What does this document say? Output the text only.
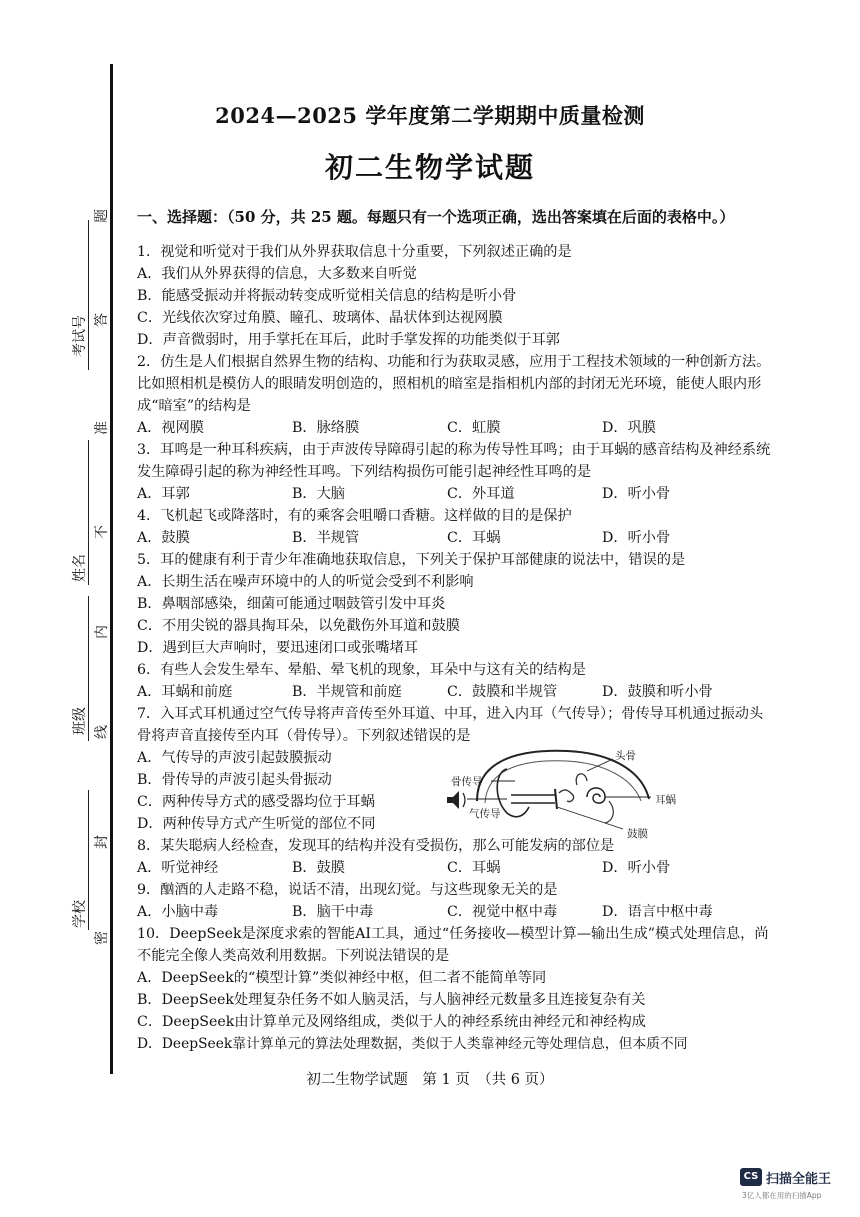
考试号
姓名
班级
学校
题
答
准
不
内
线
封
密
2024—2025 学年度第二学期期中质量检测
初二生物学试题
一、选择题：（50 分，共 25 题。每题只有一个选项正确，选出答案填在后面的表格中。）
1．视觉和听觉对于我们从外界获取信息十分重要，下列叙述正确的是
A．我们从外界获得的信息，大多数来自听觉
B．能感受振动并将振动转变成听觉相关信息的结构是听小骨
C．光线依次穿过角膜、瞳孔、玻璃体、晶状体到达视网膜
D．声音微弱时，用手掌托在耳后，此时手掌发挥的功能类似于耳郭
2．仿生是人们根据自然界生物的结构、功能和行为获取灵感，应用于工程技术领域的一种创新方法。比如照相机是模仿人的眼睛发明创造的，照相机的暗室是指相机内部的封闭无光环境，能使人眼内形成“暗室”的结构是
A．视网膜	B．脉络膜	C．虹膜	D．巩膜
3．耳鸣是一种耳科疾病，由于声波传导障碍引起的称为传导性耳鸣；由于耳蜗的感音结构及神经系统发生障碍引起的称为神经性耳鸣。下列结构损伤可能引起神经性耳鸣的是
A．耳郭	B．大脑	C．外耳道	D．听小骨
4．飞机起飞或降落时，有的乘客会咀嚼口香糖。这样做的目的是保护
A．鼓膜	B．半规管	C．耳蜗	D．听小骨
5．耳的健康有利于青少年准确地获取信息，下列关于保护耳部健康的说法中，错误的是
A．长期生活在噪声环境中的人的听觉会受到不利影响
B．鼻咽部感染，细菌可能通过咽鼓管引发中耳炎
C．不用尖锐的器具掏耳朵，以免戳伤外耳道和鼓膜
D．遇到巨大声响时，要迅速闭口或张嘴堵耳
6．有些人会发生晕车、晕船、晕飞机的现象，耳朵中与这有关的结构是
A．耳蜗和前庭	B．半规管和前庭	C．鼓膜和半规管	D．鼓膜和听小骨
7．入耳式耳机通过空气传导将声音传至外耳道、中耳，进入内耳（气传导）；骨传导耳机通过振动头骨将声音直接传至内耳（骨传导）。下列叙述错误的是
A．气传导的声波引起鼓膜振动
B．骨传导的声波引起头骨振动
C．两种传导方式的感受器均位于耳蜗
D．两种传导方式产生听觉的部位不同
头骨
骨传导
气传导
耳蜗
鼓膜
8．某失聪病人经检查，发现耳的结构并没有受损伤，那么可能发病的部位是
A．听觉神经	B．鼓膜	C．耳蜗	D．听小骨
9．酗酒的人走路不稳，说话不清，出现幻觉。与这些现象无关的是
A．小脑中毒	B．脑干中毒	C．视觉中枢中毒	D．语言中枢中毒
10．DeepSeek是深度求索的智能AI工具，通过“任务接收—模型计算—输出生成”模式处理信息，尚不能完全像人类高效利用数据。下列说法错误的是
A．DeepSeek的“模型计算”类似神经中枢，但二者不能简单等同
B．DeepSeek处理复杂任务不如人脑灵活，与人脑神经元数量多且连接复杂有关
C．DeepSeek由计算单元及网络组成，类似于人的神经系统由神经元和神经构成
D．DeepSeek靠计算单元的算法处理数据，类似于人类靠神经元等处理信息，但本质不同
初二生物学试题　第 1 页　（共 6 页）
CS 扫描全能王
3亿人都在用的扫描App
